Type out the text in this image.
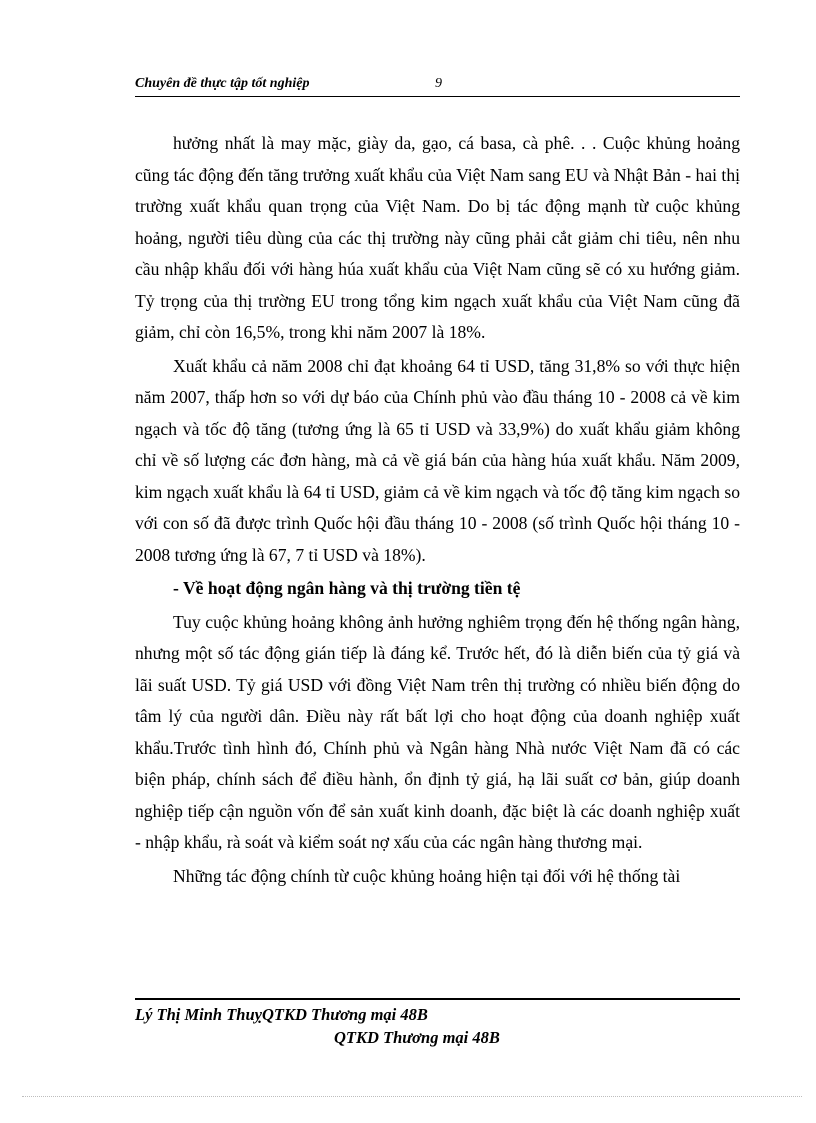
Chuyên đề thực tập tốt nghiệp	9

hưởng nhất là may mặc, giày da, gạo, cá basa, cà phê. . . Cuộc khủng hoảng cũng tác động đến tăng trưởng xuất khẩu của Việt Nam sang EU và Nhật Bản - hai thị trường xuất khẩu quan trọng của Việt Nam. Do bị tác động mạnh từ cuộc khủng hoảng, người tiêu dùng của các thị trường này cũng phải cắt giảm chi tiêu, nên nhu cầu nhập khẩu đối với hàng húa xuất khẩu của Việt Nam cũng sẽ có xu hướng giảm. Tỷ trọng của thị trường EU trong tổng kim ngạch xuất khẩu của Việt Nam cũng đã giảm, chỉ còn 16,5%, trong khi năm 2007 là 18%.

Xuất khẩu cả năm 2008 chỉ đạt khoảng 64 tỉ USD, tăng 31,8% so với thực hiện năm 2007, thấp hơn so với dự báo của Chính phủ vào đầu tháng 10 - 2008 cả về kim ngạch và tốc độ tăng (tương ứng là 65 tỉ USD và 33,9%) do xuất khẩu giảm không chỉ về số lượng các đơn hàng, mà cả về giá bán của hàng húa xuất khẩu. Năm 2009, kim ngạch xuất khẩu là 64 tỉ USD, giảm cả về kim ngạch và tốc độ tăng kim ngạch so với con số đã được trình Quốc hội đầu tháng 10 - 2008 (số trình Quốc hội tháng 10 - 2008 tương ứng là 67, 7 tỉ USD và 18%).

- Về hoạt động ngân hàng và thị trường tiền tệ

Tuy cuộc khủng hoảng không ảnh hưởng nghiêm trọng đến hệ thống ngân hàng, nhưng một số tác động gián tiếp là đáng kể. Trước hết, đó là diễn biến của tỷ giá và lãi suất USD. Tỷ giá USD với đồng Việt Nam trên thị trường có nhiều biến động do tâm lý của người dân. Điều này rất bất lợi cho hoạt động của doanh nghiệp xuất khẩu.Trước tình hình đó, Chính phủ và Ngân hàng Nhà nước Việt Nam đã có các biện pháp, chính sách để điều hành, ổn định tỷ giá, hạ lãi suất cơ bản, giúp doanh nghiệp tiếp cận nguồn vốn để sản xuất kinh doanh, đặc biệt là các doanh nghiệp xuất - nhập khẩu, rà soát và kiểm soát nợ xấu của các ngân hàng thương mại.

Những tác động chính từ cuộc khủng hoảng hiện tại đối với hệ thống tài

Lý Thị Minh ThuỵQTKD Thương mại 48B
QTKD Thương mại 48B
